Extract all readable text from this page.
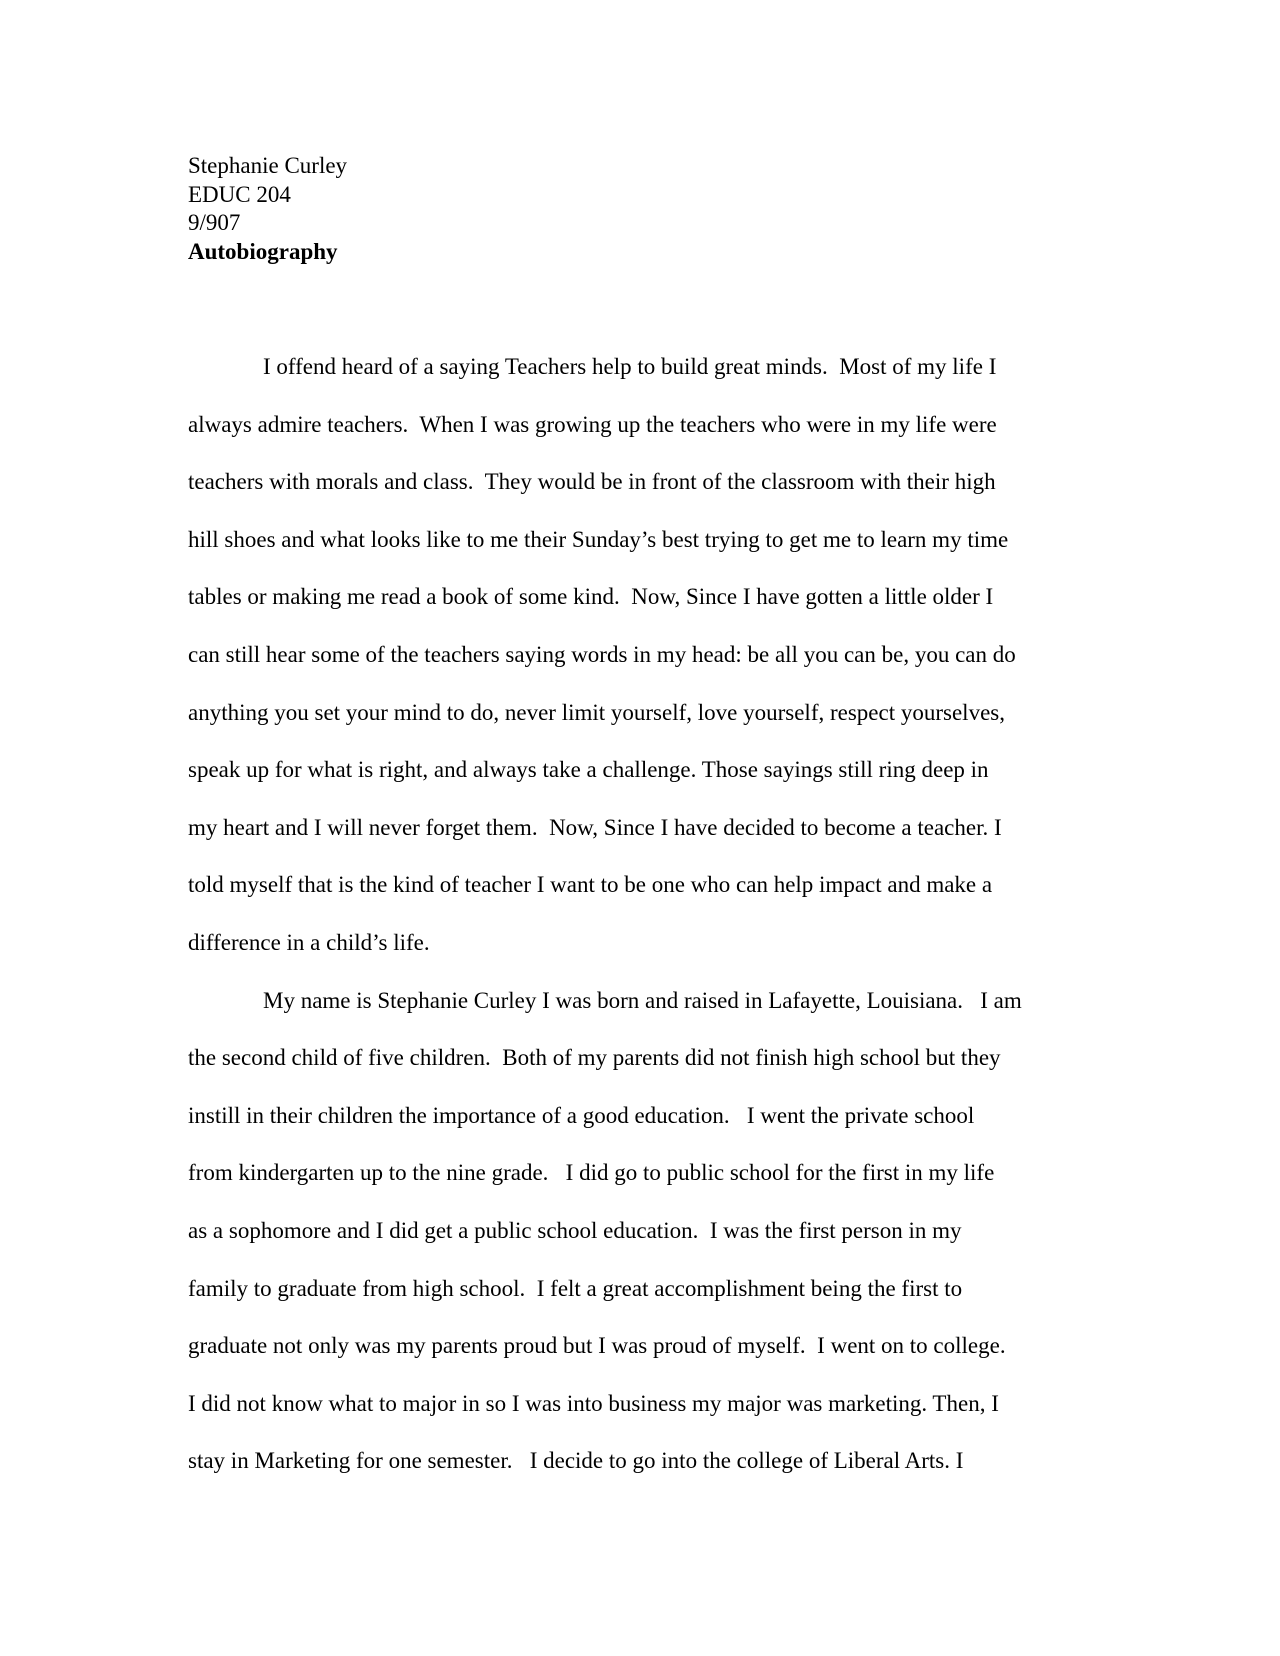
Stephanie Curley
EDUC 204
9/907
Autobiography
I offend heard of a saying Teachers help to build great minds.  Most of my life I
always admire teachers.  When I was growing up the teachers who were in my life were
teachers with morals and class.  They would be in front of the classroom with their high
hill shoes and what looks like to me their Sunday’s best trying to get me to learn my time
tables or making me read a book of some kind.  Now, Since I have gotten a little older I
can still hear some of the teachers saying words in my head: be all you can be, you can do
anything you set your mind to do, never limit yourself, love yourself, respect yourselves,
speak up for what is right, and always take a challenge. Those sayings still ring deep in
my heart and I will never forget them.  Now, Since I have decided to become a teacher. I
told myself that is the kind of teacher I want to be one who can help impact and make a
difference in a child’s life.
My name is Stephanie Curley I was born and raised in Lafayette, Louisiana.   I am
the second child of five children.  Both of my parents did not finish high school but they
instill in their children the importance of a good education.   I went the private school
from kindergarten up to the nine grade.   I did go to public school for the first in my life
as a sophomore and I did get a public school education.  I was the first person in my
family to graduate from high school.  I felt a great accomplishment being the first to
graduate not only was my parents proud but I was proud of myself.  I went on to college.
I did not know what to major in so I was into business my major was marketing. Then, I
stay in Marketing for one semester.   I decide to go into the college of Liberal Arts. I
